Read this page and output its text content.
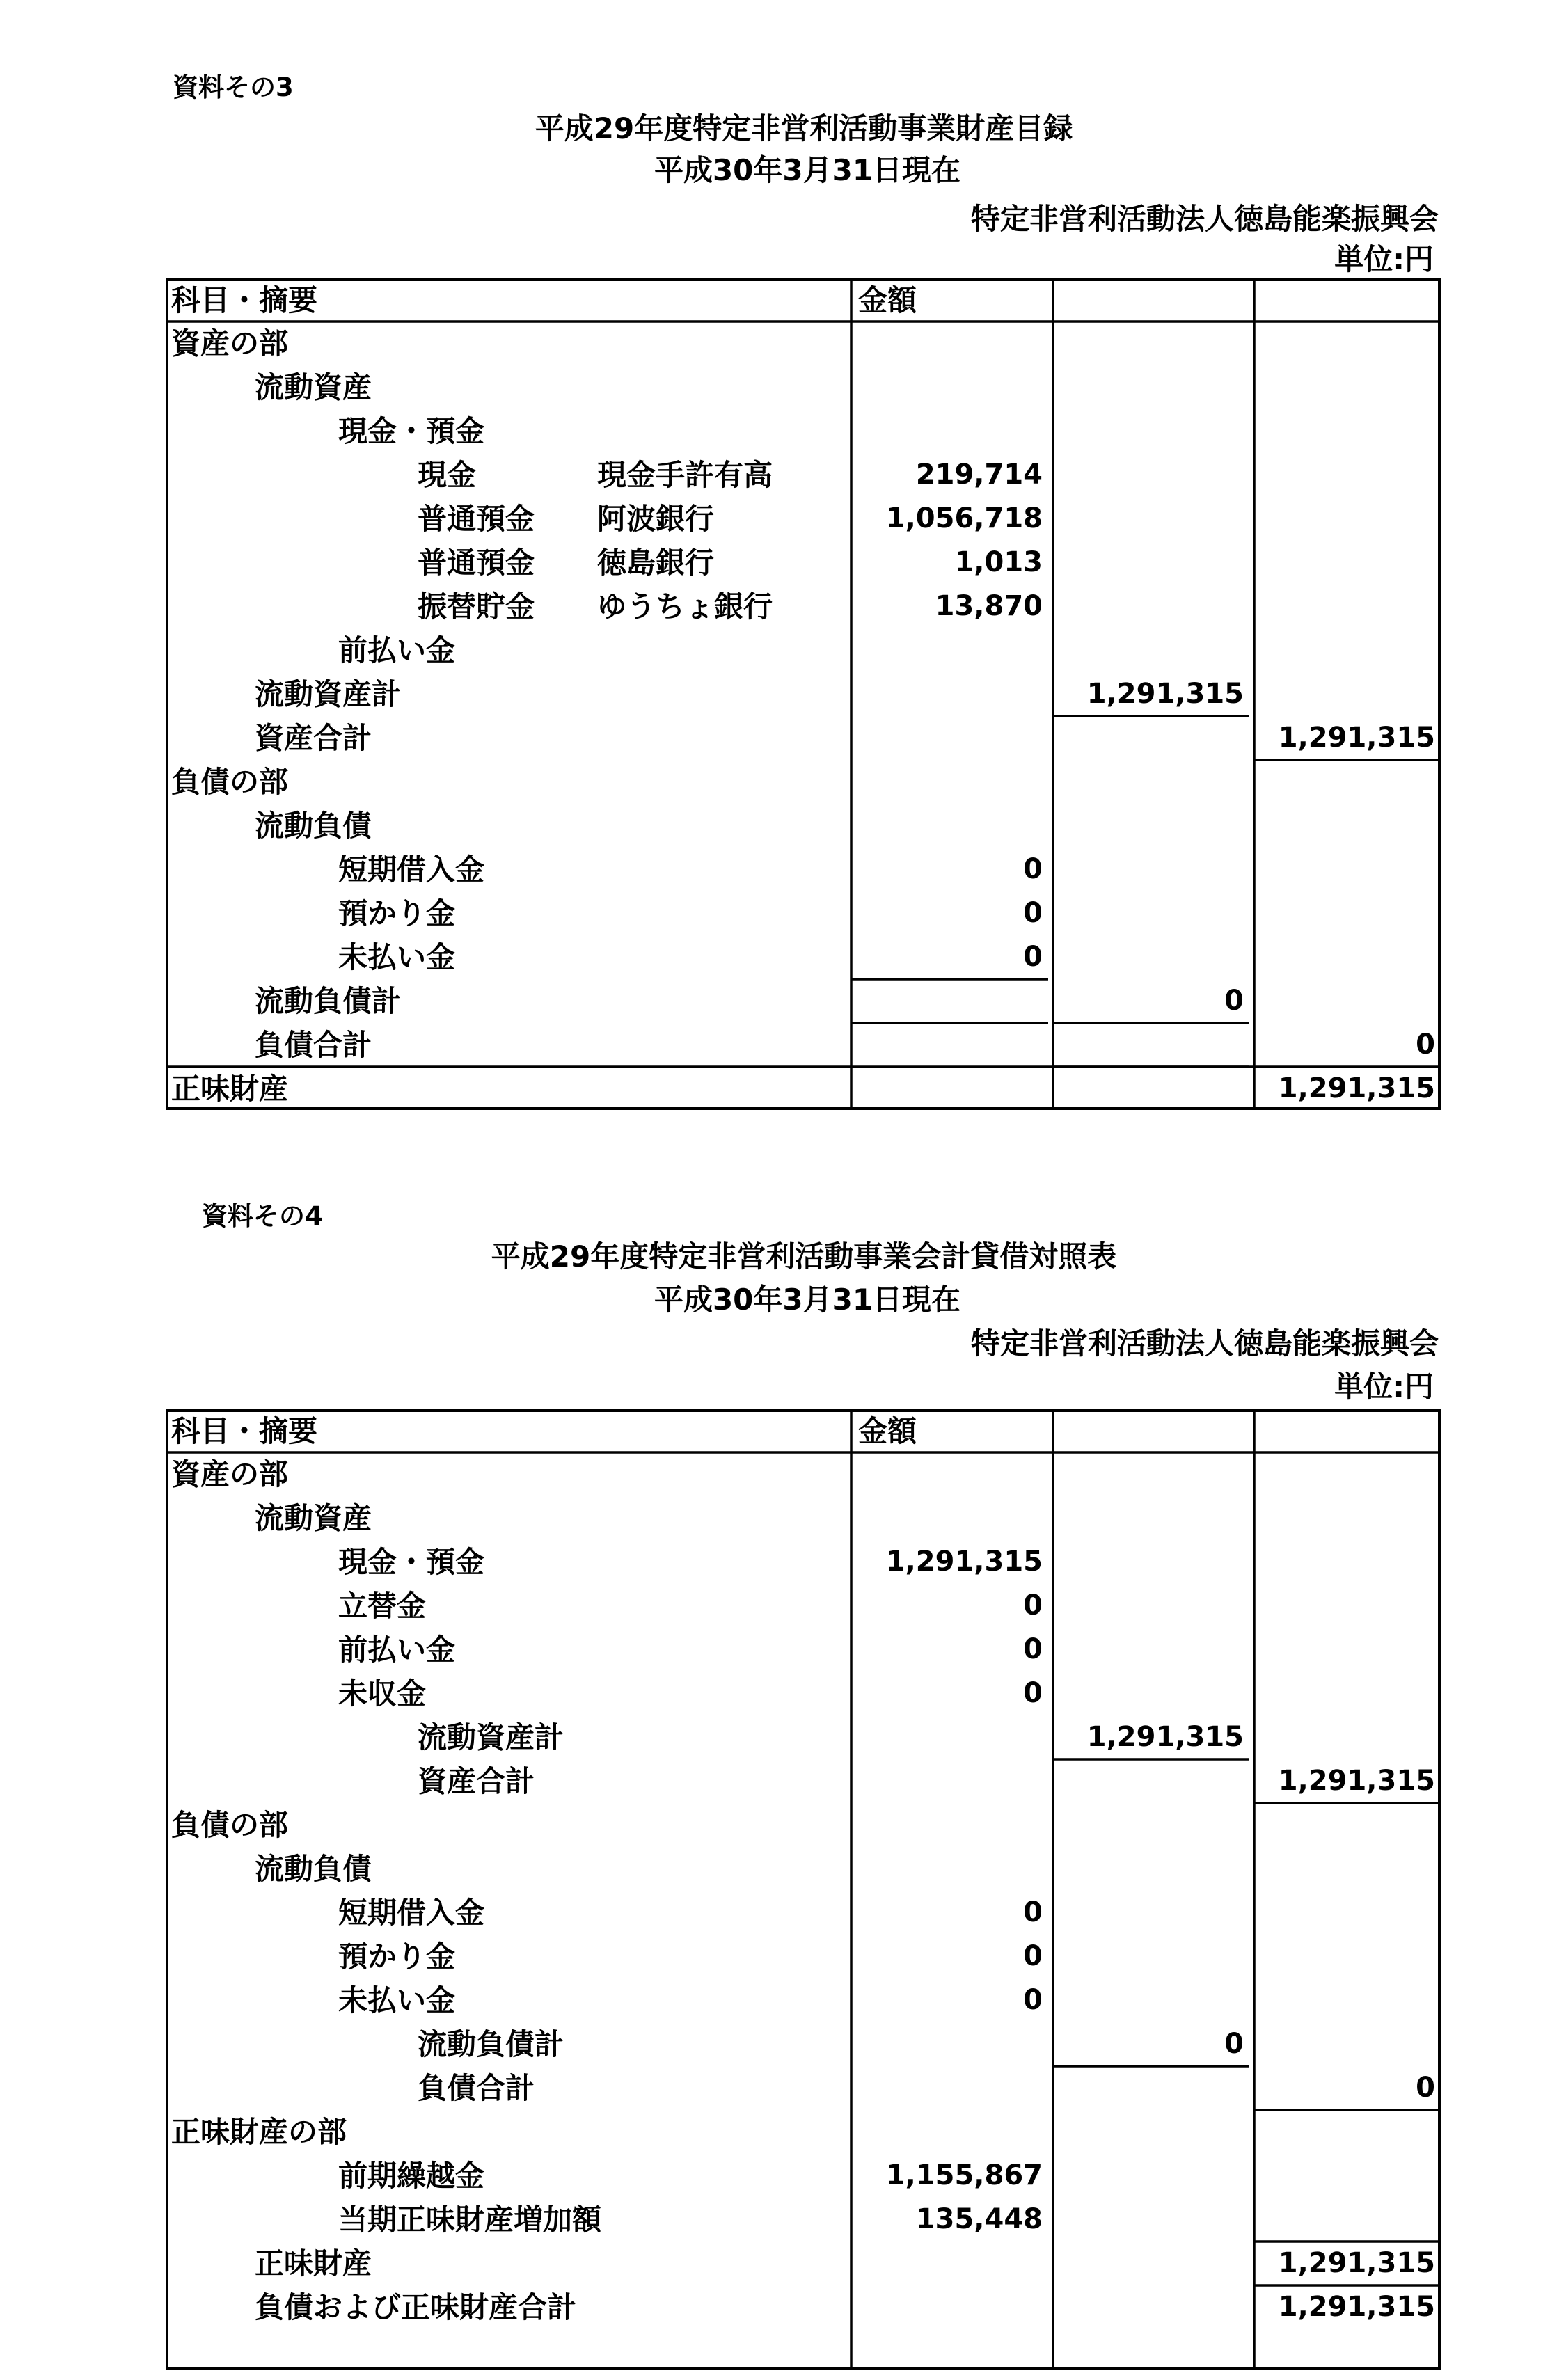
資料その3
平成29年度特定非営利活動事業財産目録
平成30年3月31日現在
特定非営利活動法人徳島能楽振興会
単位:円
科目・摘要	金額
資産の部
流動資産
現金・預金
現金	現金手許有高	219,714
普通預金 阿波銀行	1,056,718
普通預金 徳島銀行	1,013
振替貯金 ゆうちょ銀行	13,870
前払い金
流動資産計	1,291,315
資産合計	1,291,315
負債の部
流動負債
短期借入金	0
預かり金	0
未払い金	0
流動負債計	0
負債合計	0
正味財産	1,291,315
資料その4
平成29年度特定非営利活動事業会計貸借対照表
平成30年3月31日現在
特定非営利活動法人徳島能楽振興会
単位:円
科目・摘要	金額
資産の部
流動資産
現金・預金	1,291,315
立替金	0
前払い金	0
未収金	0
流動資産計	1,291,315
資産合計	1,291,315
負債の部
流動負債
短期借入金	0
預かり金	0
未払い金	0
流動負債計	0
負債合計	0
正味財産の部
前期繰越金	1,155,867
当期正味財産増加額	135,448
正味財産	1,291,315
負債および正味財産合計	1,291,315
